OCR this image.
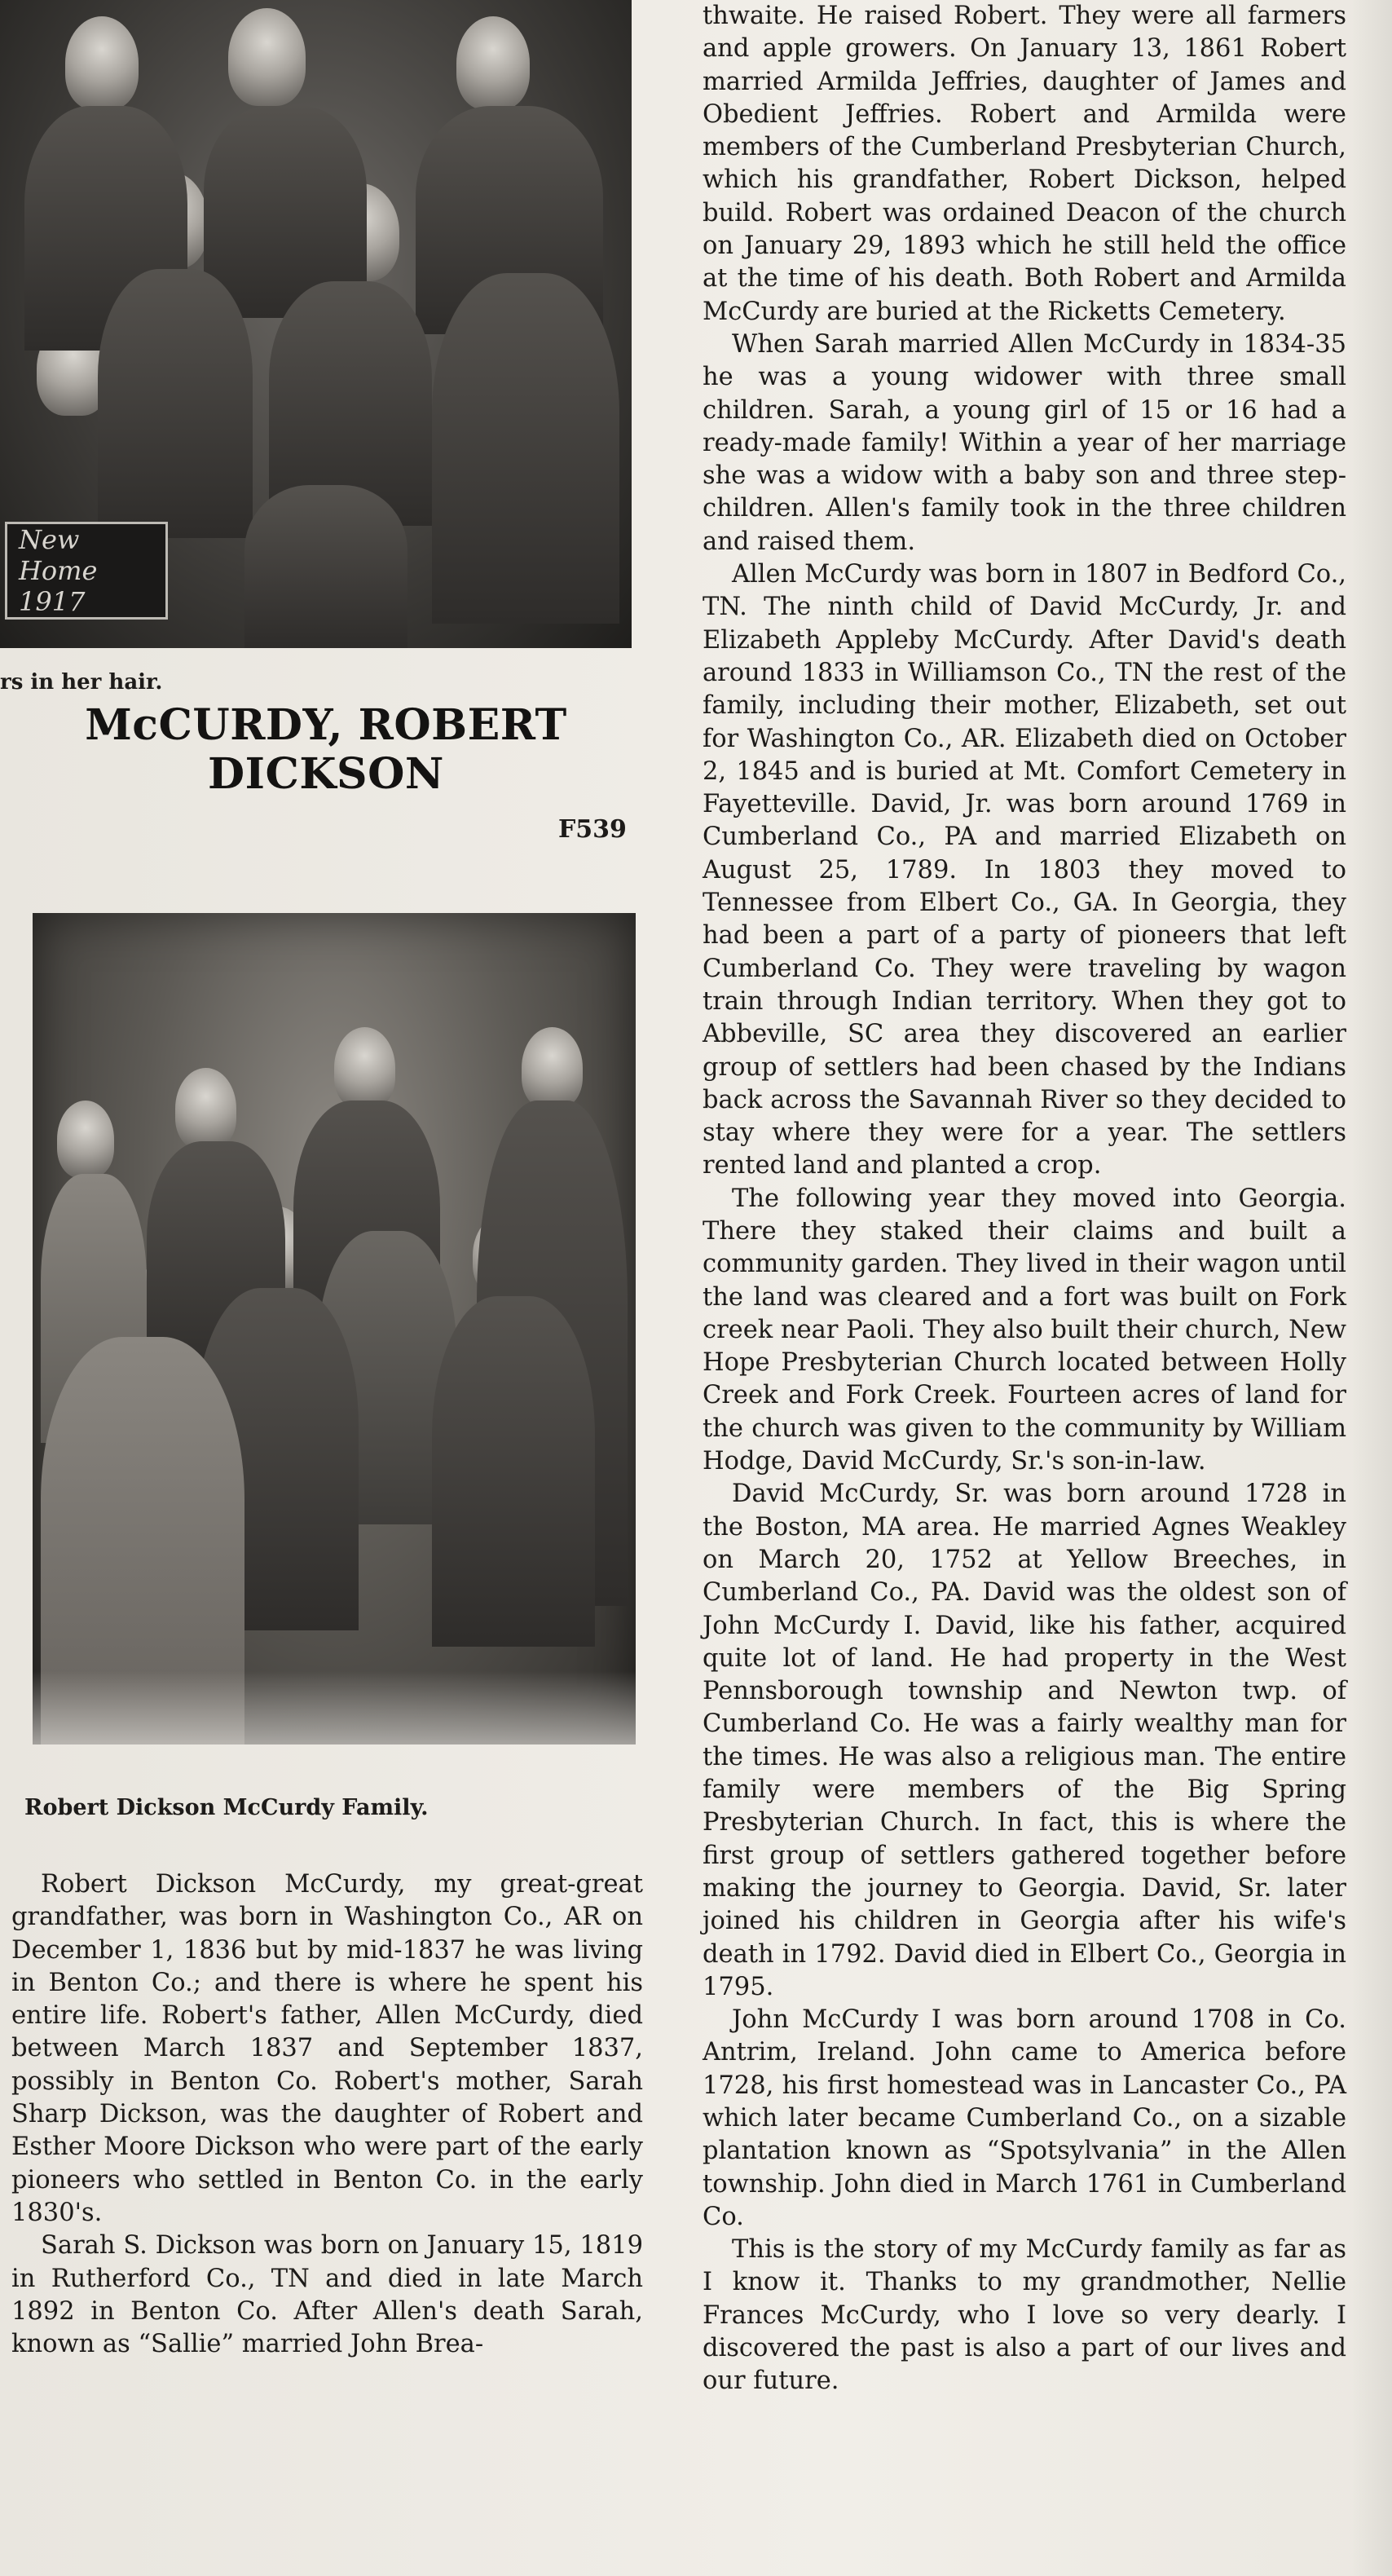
New Home
1917
rs in her hair.
McCURDY, ROBERT
DICKSON
F539
Robert Dickson McCurdy Family.

Robert Dickson McCurdy, my great-great grandfather, was born in Washington Co., AR on December 1, 1836 but by mid-1837 he was living in Benton Co.; and there is where he spent his entire life. Robert's father, Allen McCurdy, died between March 1837 and September 1837, possibly in Benton Co. Robert's mother, Sarah Sharp Dickson, was the daughter of Robert and Esther Moore Dickson who were part of the early pioneers who settled in Benton Co. in the early 1830's.

Sarah S. Dickson was born on January 15, 1819 in Rutherford Co., TN and died in late March 1892 in Benton Co. After Allen's death Sarah, known as “Sallie” married John Brea-

thwaite. He raised Robert. They were all farmers and apple growers. On January 13, 1861 Robert married Armilda Jeffries, daughter of James and Obedient Jeffries. Robert and Armilda were members of the Cumberland Presbyterian Church, which his grandfather, Robert Dickson, helped build. Robert was ordained Deacon of the church on January 29, 1893 which he still held the office at the time of his death. Both Robert and Armilda McCurdy are buried at the Ricketts Cemetery.

When Sarah married Allen McCurdy in 1834-35 he was a young widower with three small children. Sarah, a young girl of 15 or 16 had a ready-made family! Within a year of her marriage she was a widow with a baby son and three step-children. Allen's family took in the three children and raised them.

Allen McCurdy was born in 1807 in Bedford Co., TN. The ninth child of David McCurdy, Jr. and Elizabeth Appleby McCurdy. After David's death around 1833 in Williamson Co., TN the rest of the family, including their mother, Elizabeth, set out for Washington Co., AR. Elizabeth died on October 2, 1845 and is buried at Mt. Comfort Cemetery in Fayetteville. David, Jr. was born around 1769 in Cumberland Co., PA and married Elizabeth on August 25, 1789. In 1803 they moved to Tennessee from Elbert Co., GA. In Georgia, they had been a part of a party of pioneers that left Cumberland Co. They were traveling by wagon train through Indian territory. When they got to Abbeville, SC area they discovered an earlier group of settlers had been chased by the Indians back across the Savannah River so they decided to stay where they were for a year. The settlers rented land and planted a crop.

The following year they moved into Georgia. There they staked their claims and built a community garden. They lived in their wagon until the land was cleared and a fort was built on Fork creek near Paoli. They also built their church, New Hope Presbyterian Church located between Holly Creek and Fork Creek. Fourteen acres of land for the church was given to the community by William Hodge, David McCurdy, Sr.'s son-in-law.

David McCurdy, Sr. was born around 1728 in the Boston, MA area. He married Agnes Weakley on March 20, 1752 at Yellow Breeches, in Cumberland Co., PA. David was the oldest son of John McCurdy I. David, like his father, acquired quite lot of land. He had property in the West Pennsborough township and Newton twp. of Cumberland Co. He was a fairly wealthy man for the times. He was also a religious man. The entire family were members of the Big Spring Presbyterian Church. In fact, this is where the first group of settlers gathered together before making the journey to Georgia. David, Sr. later joined his children in Georgia after his wife's death in 1792. David died in Elbert Co., Georgia in 1795.

John McCurdy I was born around 1708 in Co. Antrim, Ireland. John came to America before 1728, his first homestead was in Lancaster Co., PA which later became Cumberland Co., on a sizable plantation known as “Spotsylvania” in the Allen township. John died in March 1761 in Cumberland Co.

This is the story of my McCurdy family as far as I know it. Thanks to my grandmother, Nellie Frances McCurdy, who I love so very dearly. I discovered the past is also a part of our lives and our future.
